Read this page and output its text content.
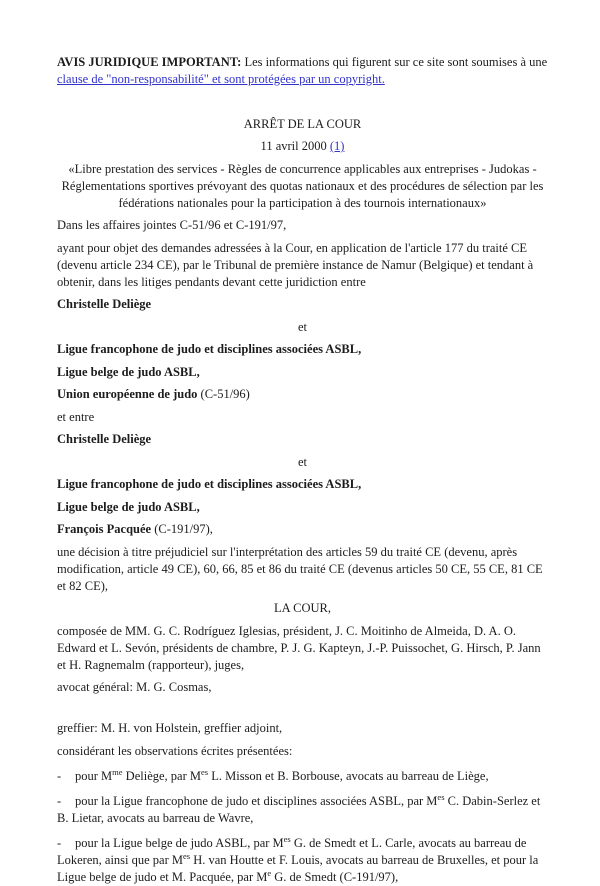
AVIS JURIDIQUE IMPORTANT: Les informations qui figurent sur ce site sont soumises à une clause de "non-responsabilité" et sont protégées par un copyright.

ARRÊT DE LA COUR

11 avril 2000 (1)

«Libre prestation des services - Règles de concurrence applicables aux entreprises - Judokas - Réglementations sportives prévoyant des quotas nationaux et des procédures de sélection par les fédérations nationales pour la participation à des tournois internationaux»

Dans les affaires jointes C-51/96 et C-191/97,

ayant pour objet des demandes adressées à la Cour, en application de l'article 177 du traité CE (devenu article 234 CE), par le Tribunal de première instance de Namur (Belgique) et tendant à obtenir, dans les litiges pendants devant cette juridiction entre

Christelle Deliège

et

Ligue francophone de judo et disciplines associées ASBL,

Ligue belge de judo ASBL,

Union européenne de judo (C-51/96)

et entre

Christelle Deliège

et

Ligue francophone de judo et disciplines associées ASBL,

Ligue belge de judo ASBL,

François Pacquée (C-191/97),

une décision à titre préjudiciel sur l'interprétation des articles 59 du traité CE (devenu, après modification, article 49 CE), 60, 66, 85 et 86 du traité CE (devenus articles 50 CE, 55 CE, 81 CE et 82 CE),

LA COUR,

composée de MM. G. C. Rodríguez Iglesias, président, J. C. Moitinho de Almeida, D. A. O. Edward et L. Sevón, présidents de chambre, P. J. G. Kapteyn, J.-P. Puissochet, G. Hirsch, P. Jann et H. Ragnemalm (rapporteur), juges,

avocat général: M. G. Cosmas,

greffier: M. H. von Holstein, greffier adjoint,

considérant les observations écrites présentées:

- pour $M^{me}$ Deliège, par $M^{es}$ L. Misson et B. Borbouse, avocats au barreau de Liège,

- pour la Ligue francophone de judo et disciplines associées ASBL, par $M^{es}$ C. Dabin-Serlez et B. Lietar, avocats au barreau de Wavre,

- pour la Ligue belge de judo ASBL, par $M^{es}$ G. de Smedt et L. Carle, avocats au barreau de Lokeren, ainsi que par $M^{es}$ H. van Houtte et F. Louis, avocats au barreau de Bruxelles, et pour la Ligue belge de judo et M. Pacquée, par Me G. de Smedt (C-191/97),
